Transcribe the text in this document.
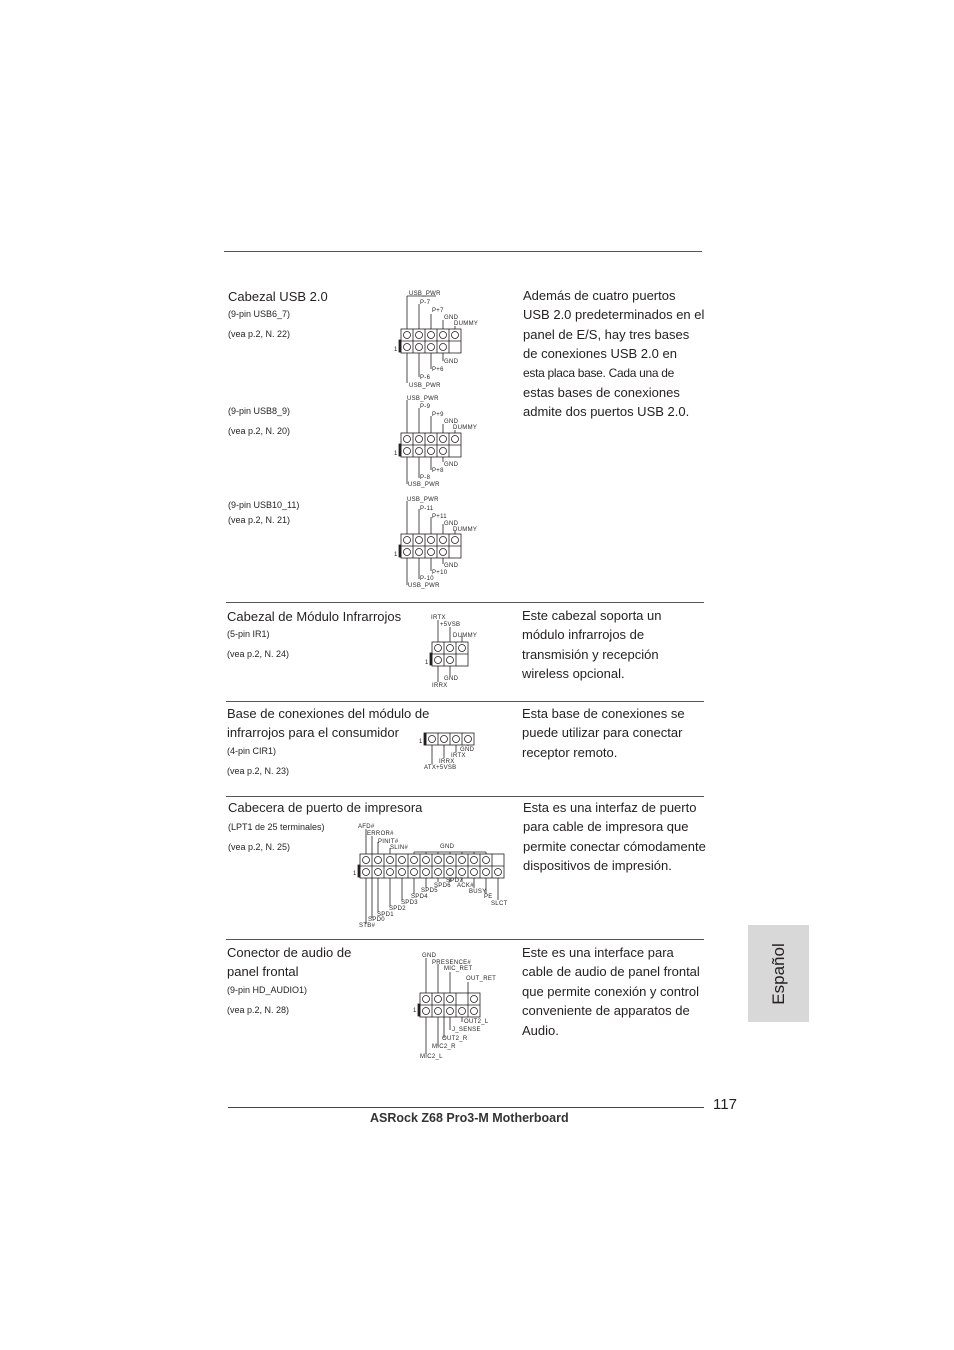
Cabezal USB 2.0
(9-pin USB6_7)
(vea p.2, N. 22)
(9-pin USB8_9)
(vea p.2, N. 20)
(9-pin USB10_11)
(vea p.2, N. 21)
Además de cuatro puertos
USB 2.0 predeterminados en el
panel de E/S, hay tres bases
de conexiones USB 2.0 en
esta placa base. Cada una de
estas bases de conexiones
admite dos puertos USB 2.0.
USB_PWR
P-7
P+7
GND
DUMMY
GND
P+6
P-6
USB_PWR
1
USB_PWR
P-9
P+9
GND
DUMMY
GND
P+8
P-8
USB_PWR
1
USB_PWR
P-11
P+11
GND
DUMMY
GND
P+10
P-10
USB_PWR
1
Cabezal de Módulo Infrarrojos
(5-pin IR1)
(vea p.2, N. 24)
Este cabezal soporta un
módulo infrarrojos de
transmisión y recepción
wireless opcional.
IRTX
+5VSB
DUMMY
GND
IRRX
1
Base de conexiones del módulo de
infrarrojos para el consumidor
(4-pin CIR1)
(vea p.2, N. 23)
Esta base de conexiones se
puede utilizar para conectar
receptor remoto.
GND
IRTX
IRRX
ATX+5VSB
1
Cabecera de puerto de impresora
(LPT1 de 25 terminales)
(vea p.2, N. 25)
Esta es una interfaz de puerto
para cable de impresora que
permite conectar cómodamente
dispositivos de impresión.
AFD#
ERROR#
PINIT#
SLIN#	GND
SPD7
SPD6 ACK#
SPD5	BUSY
SPD4	PE
SPD3	SLCT
SPD2
SPD1
SPD0
STB#
1
Conector de audio de
panel frontal
(9-pin HD_AUDIO1)
(vea p.2, N. 28)
Este es una interface para
cable de audio de panel frontal
que permite conexión y control
conveniente de apparatos de
Audio.
GND
PRESENCE#
MIC_RET
OUT_RET
OUT2_L
J_SENSE
OUT2_R
MIC2_R
MIC2_L
1
Español
117
ASRock Z68 Pro3-M Motherboard
